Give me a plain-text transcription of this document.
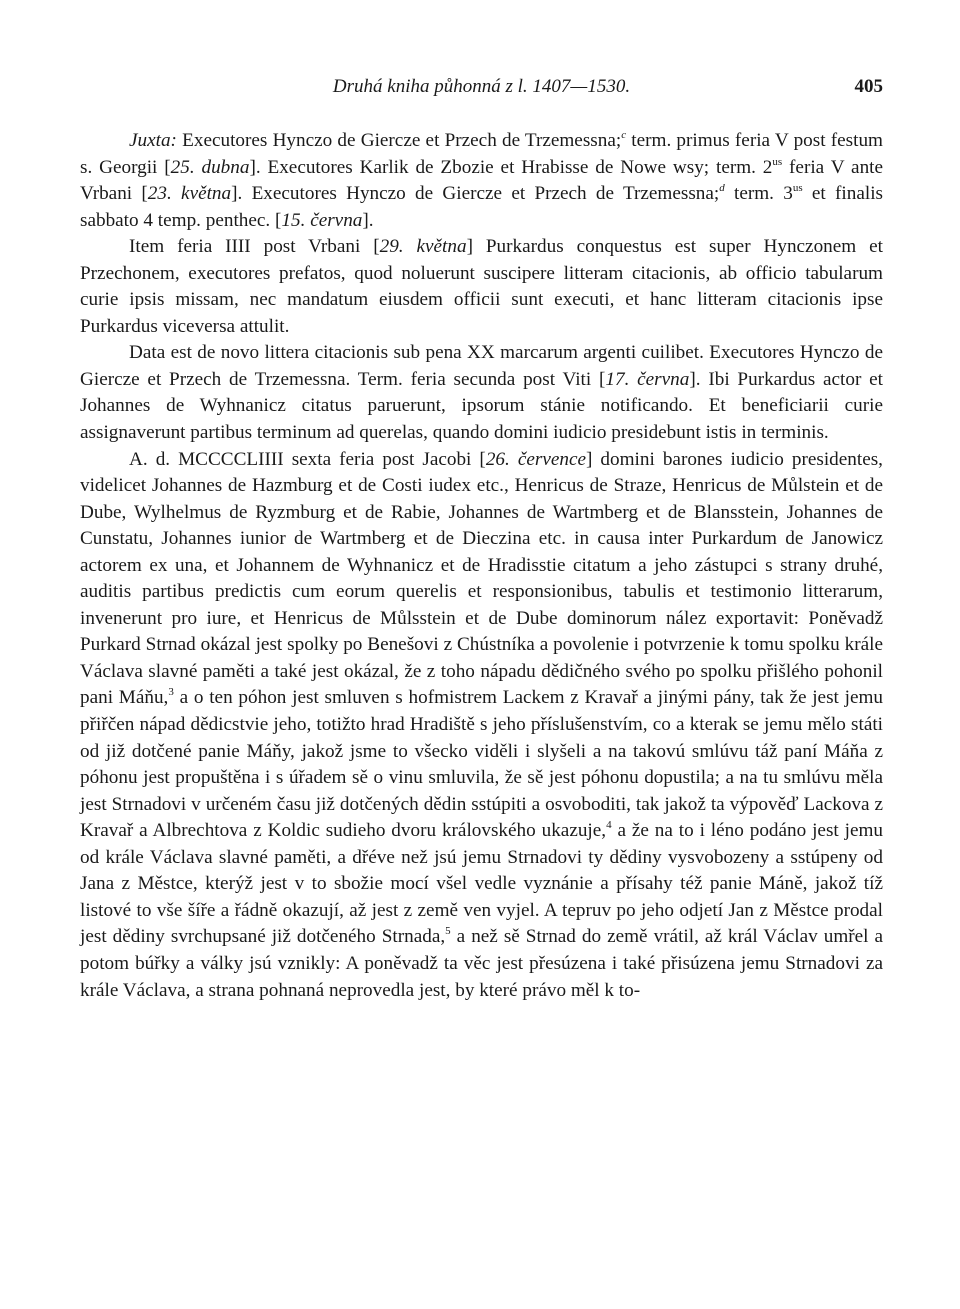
Druhá kniha půhonná z l. 1407—1530.	405

Juxta: Executores Hynczo de Giercze et Przech de Trzemessna;$^c$ term. primus feria V post festum s. Georgii [25. dubna]. Executores Karlik de Zbozie et Hrabisse de Nowe wsy; term. $2^{us}$ feria V ante Vrbani [23. května]. Executores Hynczo de Giercze et Przech de Trzemessna;$^d$ term. $3^{us}$ et finalis sabbato 4 temp. penthec. [15. června].

Item feria IIII post Vrbani [29. května] Purkardus conquestus est super Hynczonem et Przechonem, executores prefatos, quod noluerunt suscipere litteram citacionis, ab officio tabularum curie ipsis missam, nec mandatum eiusdem officii sunt executi, et hanc litteram citacionis ipse Purkardus viceversa attulit.

Data est de novo littera citacionis sub pena XX marcarum argenti cuilibet. Executores Hynczo de Giercze et Przech de Trzemessna. Term. feria secunda post Viti [17. června]. Ibi Purkardus actor et Johannes de Wyhnanicz citatus paruerunt, ipsorum stánie notificando. Et beneficiarii curie assignaverunt partibus terminum ad querelas, quando domini iudicio presidebunt istis in terminis.

A. d. MCCCCLIIII sexta feria post Jacobi [26. července] domini barones iudicio presidentes, videlicet Johannes de Hazmburg et de Costi iudex etc., Henricus de Straze, Henricus de Můlstein et de Dube, Wylhelmus de Ryzmburg et de Rabie, Johannes de Wartmberg et de Blansstein, Johannes de Cunstatu, Johannes iunior de Wartmberg et de Dieczina etc. in causa inter Purkardum de Janowicz actorem ex una, et Johannem de Wyhnanicz et de Hradisstie citatum a jeho zástupci s strany druhé, auditis partibus predictis cum eorum querelis et responsionibus, tabulis et testimonio litterarum, invenerunt pro iure, et Henricus de Můlsstein et de Dube dominorum nález exportavit: Poněvadž Purkard Strnad okázal jest spolky po Benešovi z Chústníka a povolenie i potvrzenie k tomu spolku krále Václava slavné paměti a také jest okázal, že z toho nápadu dědičného svého po spolku přišlého pohonil pani Máňu,$^3$ a o ten póhon jest smluven s hofmistrem Lackem z Kravař a jinými pány, tak že jest jemu přiřčen nápad dědicstvie jeho, totižto hrad Hradiště s jeho příslušenstvím, co a kterak se jemu mělo státi od již dotčené panie Máňy, jakož jsme to všecko viděli i slyšeli a na takovú smlúvu táž paní Máňa z póhonu jest propuštěna i s úřadem sě o vinu smluvila, že sě jest póhonu dopustila; a na tu smlúvu měla jest Strnadovi v určeném času již dotčených dědin sstúpiti a osvoboditi, tak jakož ta výpověď Lackova z Kravař a Albrechtova z Koldic sudieho dvoru královského ukazuje,$^4$ a že na to i léno podáno jest jemu od krále Václava slavné paměti, a dřéve než jsú jemu Strnadovi ty dědiny vysvobozeny a sstúpeny od Jana z Městce, kterýž jest v to sbožie mocí všel vedle vyznánie a přísahy též panie Máně, jakož tíž listové to vše šíře a řádně okazují, až jest z země ven vyjel. A tepruv po jeho odjetí Jan z Městce prodal jest dědiny svrchupsané již dotčeného Strnada,$^5$ a než sě Strnad do země vrátil, až král Václav umřel a potom búřky a války jsú vznikly: A poněvadž ta věc jest přesúzena i také přisúzena jemu Strnadovi za krále Václava, a strana pohnaná neprovedla jest, by které právo měl k to-
